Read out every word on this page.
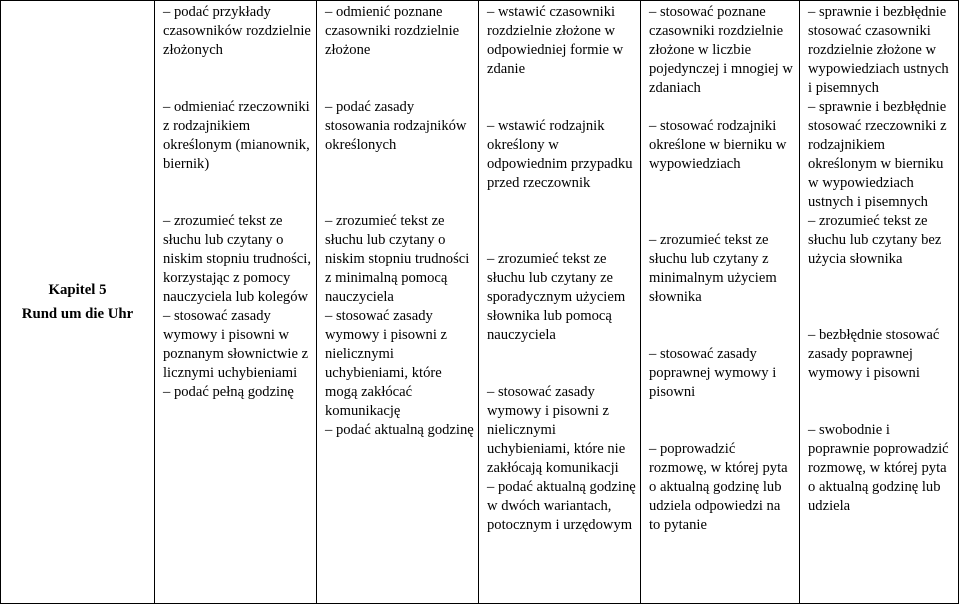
Kapitel 5
Rund um die Uhr

– podać przykłady czasowników rozdzielnie złożonych
– odmieniać rzeczowniki z rodzajnikiem określonym (mianownik, biernik)
– zrozumieć tekst ze słuchu lub czytany o niskim stopniu trudności, korzystając z pomocy nauczyciela lub kolegów
– stosować zasady wymowy i pisowni w poznanym słownictwie z licznymi uchybieniami
– podać pełną godzinę

– odmienić poznane czasowniki rozdzielnie złożone
– podać zasady stosowania rodzajników określonych
– zrozumieć tekst ze słuchu lub czytany o niskim stopniu trudności z minimalną pomocą nauczyciela
– stosować zasady wymowy i pisowni z nielicznymi uchybieniami, które mogą zakłócać komunikację
– podać aktualną godzinę

– wstawić czasowniki rozdzielnie złożone w odpowiedniej formie w zdanie
– wstawić rodzajnik określony w odpowiednim przypadku przed rzeczownik
– zrozumieć tekst ze słuchu lub czytany ze sporadycznym użyciem słownika lub pomocą nauczyciela
– stosować zasady wymowy i pisowni z nielicznymi uchybieniami, które nie zakłócają komunikacji
– podać aktualną godzinę w dwóch wariantach, potocznym i urzędowym

– stosować poznane czasowniki rozdzielnie złożone w liczbie pojedynczej i mnogiej w zdaniach
– stosować rodzajniki określone w bierniku w wypowiedziach
– zrozumieć tekst ze słuchu lub czytany z minimalnym użyciem słownika
– stosować zasady poprawnej wymowy i pisowni
– poprowadzić rozmowę, w której pyta o aktualną godzinę lub udziela odpowiedzi na to pytanie

– sprawnie i bezbłędnie stosować czasowniki rozdzielnie złożone w wypowiedziach ustnych i pisemnych
– sprawnie i bezbłędnie stosować rzeczowniki z rodzajnikiem określonym w bierniku w wypowiedziach ustnych i pisemnych
– zrozumieć tekst ze słuchu lub czytany bez użycia słownika
– bezbłędnie stosować zasady poprawnej wymowy i pisowni
– swobodnie i poprawnie poprowadzić rozmowę, w której pyta o aktualną godzinę lub udziela
